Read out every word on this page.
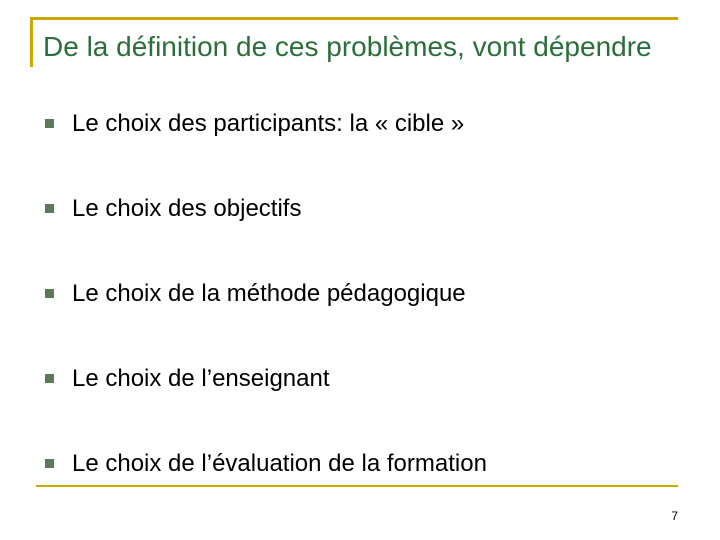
De la définition de ces problèmes, vont dépendre
Le choix des participants: la « cible »
Le choix des objectifs
Le choix de la méthode pédagogique
Le choix de l’enseignant
Le choix de l’évaluation de la formation
7
